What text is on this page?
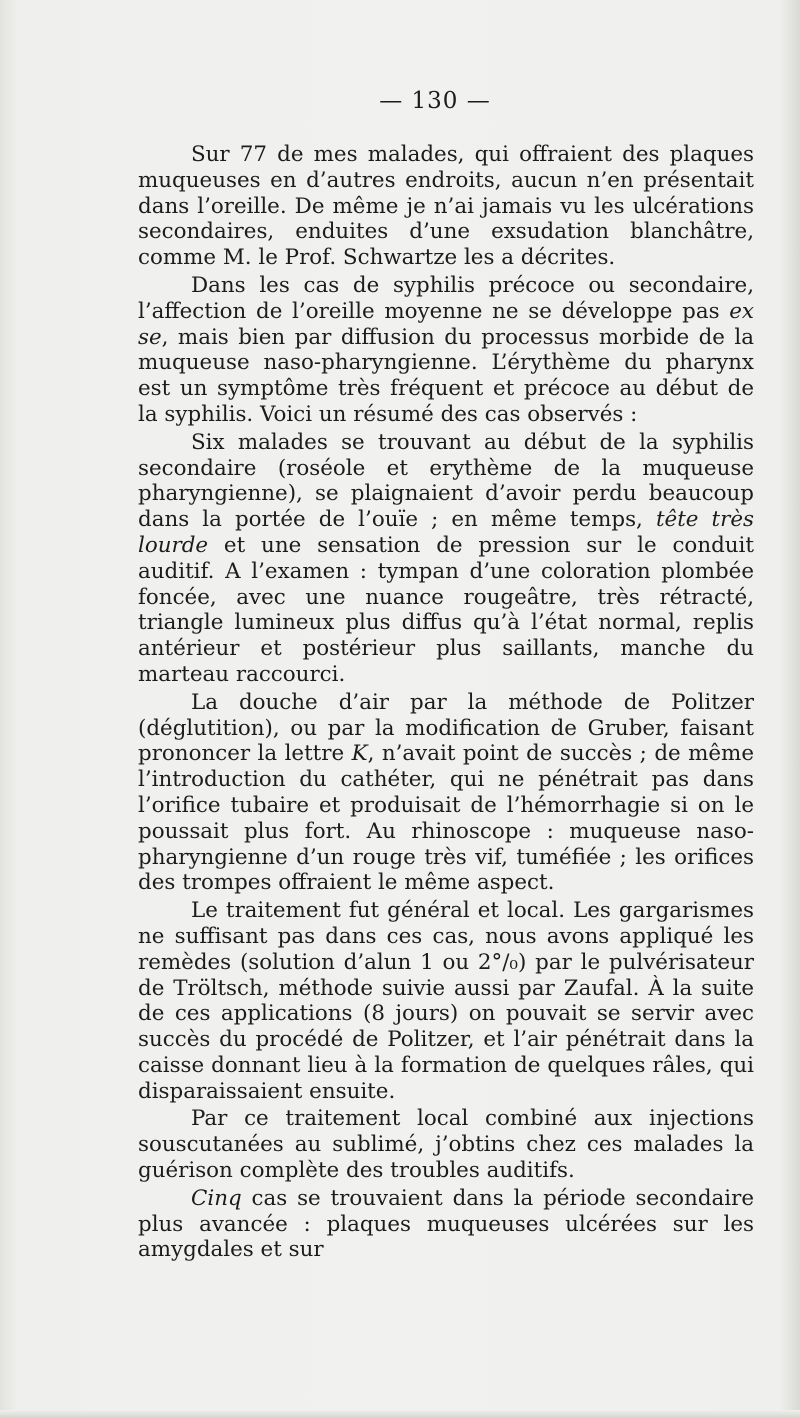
— 130 —

Sur 77 de mes malades, qui offraient des plaques muqueuses en d’autres endroits, aucun n’en présentait dans l’oreille. De même je n’ai jamais vu les ulcérations secondaires, enduites d’une exsudation blanchâtre, comme M. le Prof. Schwartze les a décrites.

Dans les cas de syphilis précoce ou secondaire, l’affection de l’oreille moyenne ne se développe pas ex se, mais bien par diffusion du processus morbide de la muqueuse naso-pharyngienne. L’érythème du pharynx est un symptôme très fréquent et précoce au début de la syphilis. Voici un résumé des cas observés :

Six malades se trouvant au début de la syphilis secondaire (roséole et erythème de la muqueuse pharyngienne), se plaignaient d’avoir perdu beaucoup dans la portée de l’ouïe ; en même temps, tête très lourde et une sensation de pression sur le conduit auditif. A l’examen : tympan d’une coloration plombée foncée, avec une nuance rougeâtre, très rétracté, triangle lumineux plus diffus qu’à l’état normal, replis antérieur et postérieur plus saillants, manche du marteau raccourci.

La douche d’air par la méthode de Politzer (déglutition), ou par la modification de Gruber, faisant prononcer la lettre K, n’avait point de succès ; de même l’introduction du cathéter, qui ne pénétrait pas dans l’orifice tubaire et produisait de l’hémorrhagie si on le poussait plus fort. Au rhinoscope : muqueuse naso-pharyngienne d’un rouge très vif, tuméfiée ; les orifices des trompes offraient le même aspect.

Le traitement fut général et local. Les gargarismes ne suffisant pas dans ces cas, nous avons appliqué les remèdes (solution d’alun 1 ou 2°/₀) par le pulvérisateur de Tröltsch, méthode suivie aussi par Zaufal. À la suite de ces applications (8 jours) on pouvait se servir avec succès du procédé de Politzer, et l’air pénétrait dans la caisse donnant lieu à la formation de quelques râles, qui disparaissaient ensuite.

Par ce traitement local combiné aux injections souscutanées au sublimé, j’obtins chez ces malades la guérison complète des troubles auditifs.

Cinq cas se trouvaient dans la période secondaire plus avancée : plaques muqueuses ulcérées sur les amygdales et sur
